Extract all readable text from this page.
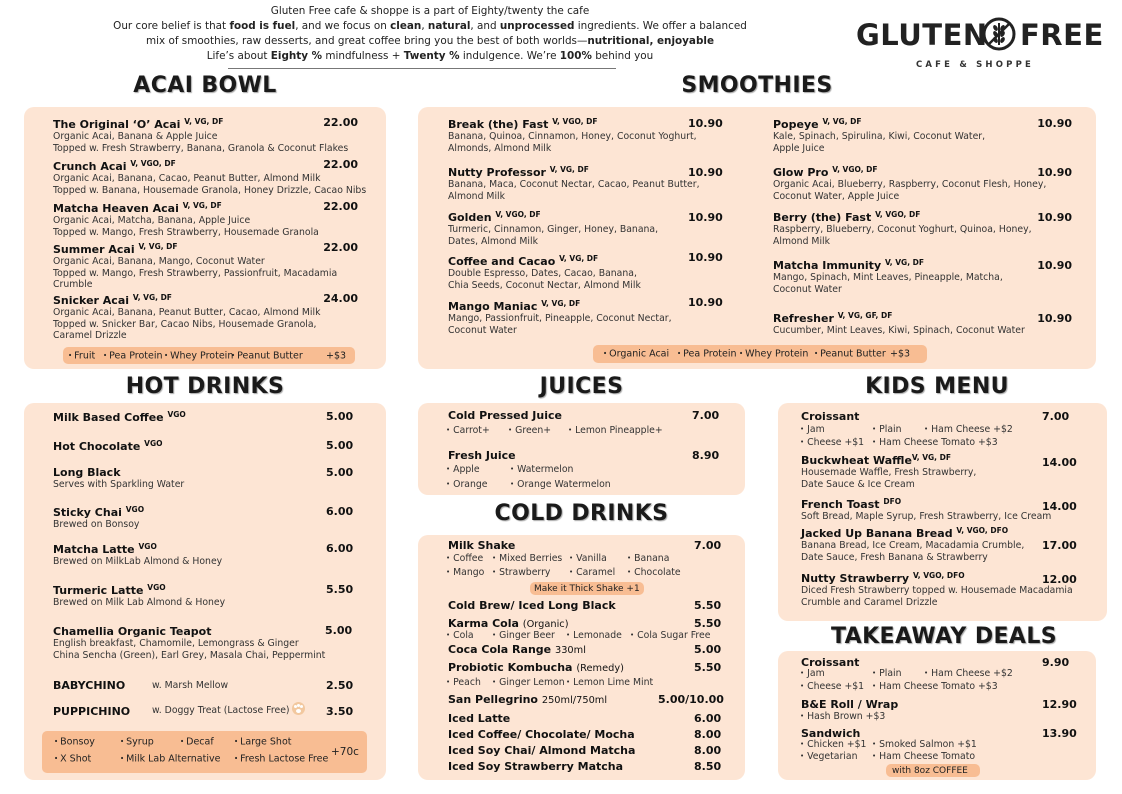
Gluten Free cafe & shoppe is a part of Eighty/twenty the cafe
Our core belief is that food is fuel, and we focus on clean, natural, and unprocessed ingredients. We offer a balanced
mix of smoothies, raw desserts, and great coffee bring you the best of both worlds—nutritional, enjoyable
Life’s about Eighty % mindfulness + Twenty % indulgence. We’re 100% behind you
GLUTEN FREE
CAFE & SHOPPE
ACAI BOWL	SMOOTHIES
HOT DRINKS	JUICES	KIDS MENU
COLD DRINKS
TAKEAWAY DEALS
The Original ‘O’ Acai $^{V, VG, DF}$
Organic Acai, Banana & Apple Juice
Topped w. Fresh Strawberry, Banana, Granola & Coconut Flakes
22.00
Crunch Acai $^{V, VGO, DF}$
Organic Acai, Banana, Cacao, Peanut Butter, Almond Milk
Topped w. Banana, Housemade Granola, Honey Drizzle, Cacao Nibs
22.00
Matcha Heaven Acai $^{V, VG, DF}$
Organic Acai, Matcha, Banana, Apple Juice
Topped w. Mango, Fresh Strawberry, Housemade Granola
22.00
Summer Acai $^{V, VG, DF}$
Organic Acai, Banana, Mango, Coconut Water
Topped w. Mango, Fresh Strawberry, Passionfruit, Macadamia
Crumble
22.00
Snicker Acai $^{V, VG, DF}$
Organic Acai, Banana, Peanut Butter, Cacao, Almond Milk
Topped w. Snicker Bar, Cacao Nibs, Housemade Granola,
Caramel Drizzle
24.00
• Fruit	• Pea Protein • Whey Protein • Peanut Butter +$3
Break (the) Fast $^{V, VGO, DF}$
Banana, Quinoa, Cinnamon, Honey, Coconut Yoghurt,
Almonds, Almond Milk
10.90
Nutty Professor $^{V, VG, DF}$
Banana, Maca, Coconut Nectar, Cacao, Peanut Butter,
Almond Milk
10.90
Golden $^{V, VGO, DF}$
Turmeric, Cinnamon, Ginger, Honey, Banana,
Dates, Almond Milk
10.90
Coffee and Cacao $^{V, VG, DF}$
Double Espresso, Dates, Cacao, Banana,
Chia Seeds, Coconut Nectar, Almond Milk
10.90
Mango Maniac $^{V, VG, DF}$
Mango, Passionfruit, Pineapple, Coconut Nectar,
Coconut Water
10.90
Popeye $^{V, VG, DF}$
Kale, Spinach, Spirulina, Kiwi, Coconut Water,
Apple Juice
10.90
Glow Pro $^{V, VGO, DF}$
Organic Acai, Blueberry, Raspberry, Coconut Flesh, Honey,
Coconut Water, Apple Juice
10.90
Berry (the) Fast $^{V, VGO, DF}$
Raspberry, Blueberry, Coconut Yoghurt, Quinoa, Honey,
Almond Milk
10.90
Matcha Immunity $^{V, VG, DF}$
Mango, Spinach, Mint Leaves, Pineapple, Matcha,
Coconut Water
10.90
Refresher $^{V, VG, GF, DF}$
Cucumber, Mint Leaves, Kiwi, Spinach, Coconut Water
10.90
• Organic Acai	• Pea Protein • Whey Protein	• Peanut Butter +$3
Milk Based Coffee $^{VGO}$	5.00
Hot Chocolate $^{VGO}$	5.00
Long Black
Serves with Sparkling Water
5.00
Sticky Chai $^{VGO}$
Brewed on Bonsoy
6.00
Matcha Latte $^{VGO}$
Brewed on MilkLab Almond & Honey
6.00
Turmeric Latte $^{VGO}$
Brewed on Milk Lab Almond & Honey
5.50
Chamellia Organic Teapot
English breakfast, Chamomile, Lemongrass & Ginger
China Sencha (Green), Earl Grey, Masala Chai, Peppermint
5.00
BABYCHINO	w. Marsh Mellow	2.50
PUPPICHINO w. Doggy Treat (Lactose Free)	3.50
• Bonsoy	• Syrup	• Decaf	• Large Shot
• X Shot	• Milk Lab Alternative	• Fresh Lactose Free
+70c
Cold Pressed Juice	7.00
• Carrot+	• Green+	• Lemon Pineapple+
Fresh Juice	8.90
• Apple	• Watermelon
• Orange	• Orange Watermelon
Milk Shake	7.00
• Coffee	• Mixed Berries	• Vanilla	• Banana
• Mango	• Strawberry	• Caramel	• Chocolate
Make it Thick Shake +1
Cold Brew/ Iced Long Black	5.50
Karma Cola (Organic)	5.50
• Cola	• Ginger Beer	• Lemonade	• Cola Sugar Free
Coca Cola Range 330ml	5.00
Probiotic Kombucha (Remedy)	5.50
• Peach	• Ginger Lemon • Lemon Lime Mint
San Pellegrino 250ml/750ml	5.00/10.00
Iced Latte	6.00
Iced Coffee/ Chocolate/ Mocha	8.00
Iced Soy Chai/ Almond Matcha	8.00
Iced Soy Strawberry Matcha	8.50
Croissant	7.00
• Jam	• Plain	• Ham Cheese +$2
• Cheese +$1	• Ham Cheese Tomato +$3
Buckwheat Waffle$^{V, VG, DF}$
Housemade Waffle, Fresh Strawberry,
Date Sauce & Ice Cream
14.00
French Toast $^{DFO}$
Soft Bread, Maple Syrup, Fresh Strawberry, Ice Cream
14.00
Jacked Up Banana Bread $^{V, VGO, DFO}$
Banana Bread, Ice Cream, Macadamia Crumble,
Date Sauce, Fresh Banana & Strawberry
17.00
Nutty Strawberry $^{V, VGO, DFO}$
Diced Fresh Strawberry topped w. Housemade Macadamia
Crumble and Caramel Drizzle
12.00
Croissant	9.90
• Jam	• Plain	• Ham Cheese +$2
• Cheese +$1	• Ham Cheese Tomato +$3
B&E Roll / Wrap	12.90
• Hash Brown +$3
Sandwich	13.90
• Chicken +$1	• Smoked Salmon +$1
• Vegetarian	• Ham Cheese Tomato
with 8oz COFFEE
